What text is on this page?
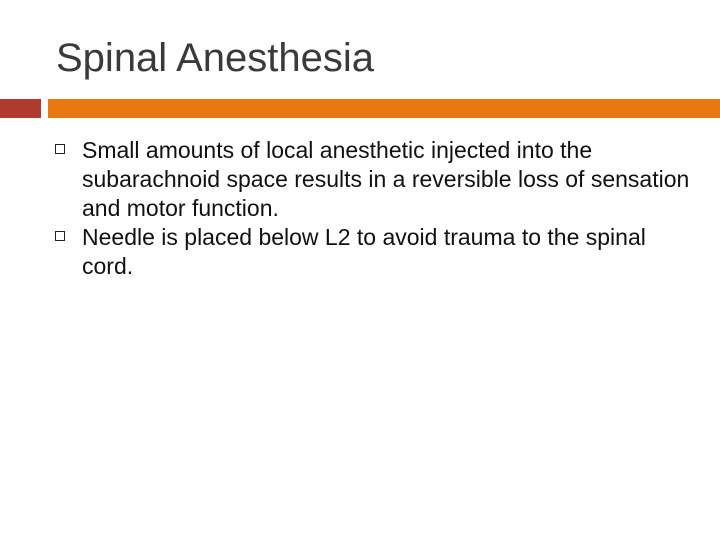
Spinal Anesthesia
Small amounts of local anesthetic injected into the subarachnoid space results in a reversible loss of sensation and motor function.
Needle is placed below L2 to avoid trauma to the spinal cord.
